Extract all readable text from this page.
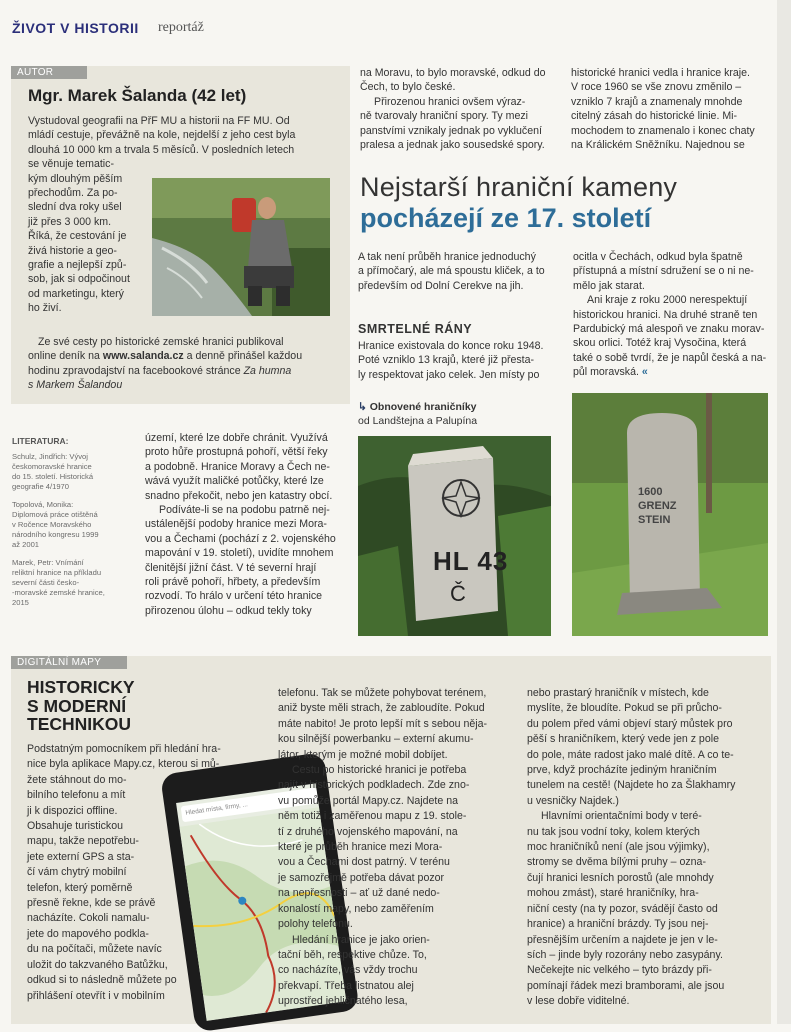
ŽIVOT V HISTORII reportáž
AUTOR
Mgr. Marek Šalanda (42 let)
Vystudoval geografii na PřF MU a historii na FF MU. Od
mládí cestuje, převážně na kole, nejdelší z jeho cest byla
dlouhá 10 000 km a trvala 5 měsíců. V posledních letech
se věnuje tematic-
kým dlouhým pěším
přechodům. Za po-
slední dva roky ušel
již přes 3 000 km.
Říká, že cestování je
živá historie a geo-
grafie a nejlepší způ-
sob, jak si odpočinout
od marketingu, který
ho živí.
Ze své cesty po historické zemské hranici publikoval
online deník na www.salanda.cz a denně přinášel každou
hodinu zpravodajství na facebookové stránce Za humna
s Markem Šalandou
LITERATURA:
Schulz, Jindřich: Vývoj
českomoravské hranice
do 15. století. Historická
geografie 4/1970
Topolová, Monika:
Diplomová práce otištěná
v Ročence Moravského
národního kongresu 1999
až 2001
Marek, Petr: Vnímání
reliktní hranice na příkladu
severní části česko-
-moravské zemské hranice,
2015
na Moravu, to bylo moravské, odkud do
Čech, to bylo české.
Přirozenou hranici ovšem výraz-
ně tvarovaly hraniční spory. Ty mezi
panstvími vznikaly jednak po vyklučení
pralesa a jednak jako sousedské spory.
historické hranici vedla i hranice kraje.
V roce 1960 se vše znovu změnilo –
vzniklo 7 krajů a znamenaly mnohde
citelný zásah do historické linie. Mi-
mochodem to znamenalo i konec chaty
na Králickém Sněžníku. Najednou se
Nejstarší hraniční kameny
pocházejí ze 17. století
území, které lze dobře chránit. Využívá
proto hůře prostupná pohoří, větší řeky
a podobně. Hranice Moravy a Čech ne-
wává využít maličké potůčky, které lze
snadno překočit, nebo jen katastry obcí.
Podíváte-li se na podobu patrně nej-
ustálenější podoby hranice mezi Mora-
vou a Čechami (pochází z 2. vojenského
mapování v 19. století), uvidíte mnohem
členitější jižní část. V té severní hrají
roli právě pohoří, hřbety, a především
rozvodí. To hrálo v určení této hranice
přirozenou úlohu – odkud tekly toky
A tak není průběh hranice jednoduchý
a přímočarý, ale má spoustu kliček, a to
především od Dolní Cerekve na jih.
SMRTELNÉ RÁNY
Hranice existovala do konce roku 1948.
Poté vzniklo 13 krajů, které již přesta-
ly respektovat jako celek. Jen místy po
ocitla v Čechách, odkud byla špatně
přístupná a místní sdružení se o ni ne-
mělo jak starat.
Ani kraje z roku 2000 nerespektují
historickou hranici. Na druhé straně ten
Pardubický má alespoň ve znaku morav-
skou orlici. Totéž kraj Vysočina, která
také o sobě tvrdí, že je napůl česká a na-
půl moravská. «
↳ Obnovené hraničníky
od Landštejna a Palupína
HL 43
Č
1600
GRENZ
STEIN
DIGITÁLNÍ MAPY
HISTORICKY
S MODERNÍ
TECHNIKOU
Podstatným pomocníkem při hledání hra-
nice byla aplikace Mapy.cz, kterou si mů-
žete stáhnout do mo-
bilního telefonu a mít
ji k dispozici offline.
Obsahuje turistickou
mapu, takže nepotřebu-
jete externí GPS a sta-
čí vám chytrý mobilní
telefon, který poměrně
přesně řekne, kde se právě
nacházíte. Cokoli namalu-
jete do mapového podkla-
du na počítači, můžete navíc
uložit do takzvaného Batůžku,
odkud si to následně můžete po
přihlášení otevřít i v mobilním
Hledat místa, firmy, ...
telefonu. Tak se můžete pohybovat terénem,
aniž byste měli strach, že zabloudíte. Pokud
máte nabito! Je proto lepší mít s sebou něja-
kou silnější powerbanku – externí akumu-
látor, kterým je možné mobil dobíjet.
Cestu po historické hranici je potřeba
najít v historických podkladech. Zde zno-
vu pomůže portál Mapy.cz. Najdete na
něm totiž i zaměřenou mapu z 19. stole-
tí z druhého vojenského mapování, na
které je průběh hranice mezi Mora-
vou a Čechami dost patrný. V terénu
je samozřejmě potřeba dávat pozor
na nepřesnosti – ať už dané nedo-
konalostí mapy, nebo zaměřením
polohy telefonu.
Hledání hranice je jako orien-
tační běh, respektive chůze. To,
co nacházíte, vás vždy trochu
překvapí. Třeba listnatou alej
uprostřed jehličnatého lesa,
nebo prastarý hraničník v místech, kde
myslíte, že bloudíte. Pokud se při průcho-
du polem před vámi objeví starý můstek pro
pěší s hraničníkem, který vede jen z pole
do pole, máte radost jako malé dítě. A co te-
prve, když procházíte jediným hraničním
tunelem na cestě! (Najdete ho za Šlakhamry
u vesničky Najdek.)
Hlavními orientačními body v teré-
nu tak jsou vodní toky, kolem kterých
moc hraničníků není (ale jsou výjimky),
stromy se dvěma bílými pruhy – ozna-
čují hranici lesních porostů (ale mnohdy
mohou zmást), staré hraničníky, hra-
niční cesty (na ty pozor, svádějí často od
hranice) a hraniční brázdy. Ty jsou nej-
přesnějším určením a najdete je jen v le-
sích – jinde byly rozorány nebo zasypány.
Nečekejte nic velkého – tyto brázdy při-
pomínají řádek mezi bramborami, ale jsou
v lese dobře viditelné.
